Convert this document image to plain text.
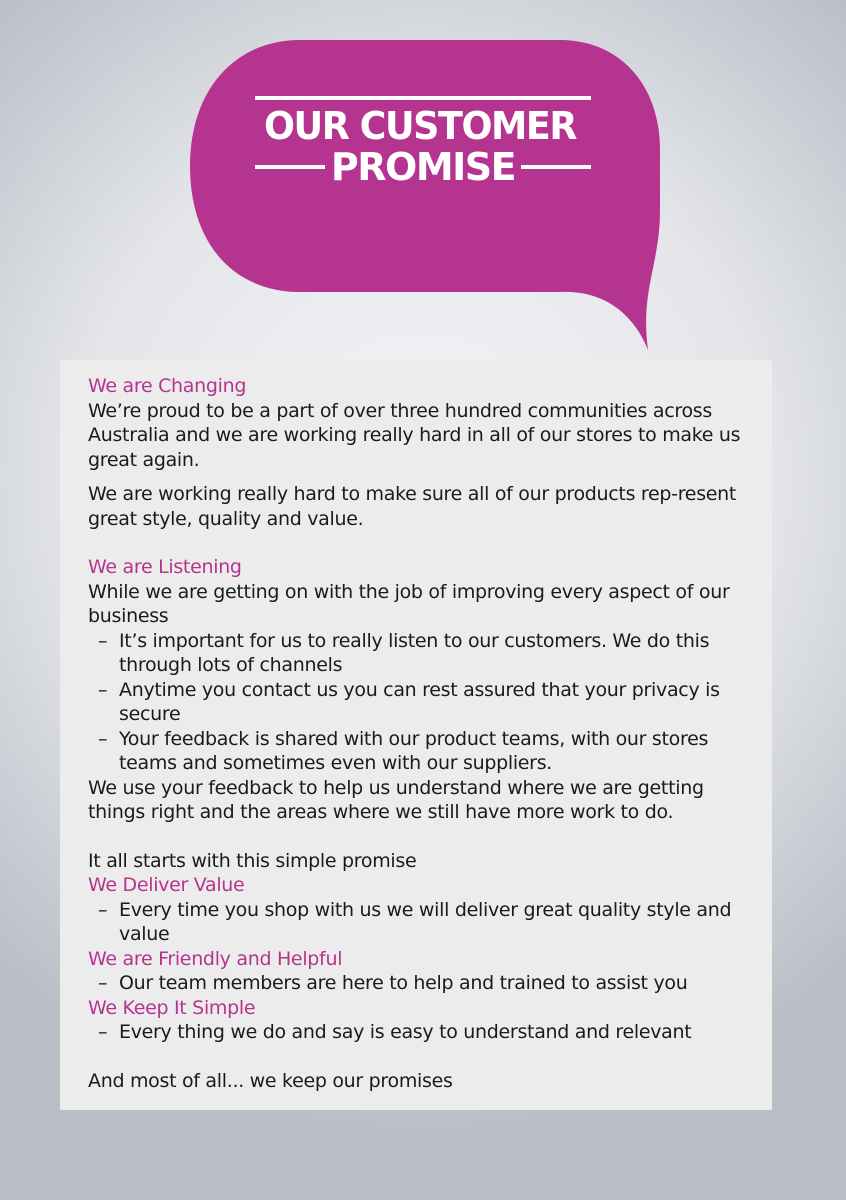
OUR CUSTOMER
PROMISE
We are Changing

We’re proud to be a part of over three hundred communities across Australia and we are working really hard in all of our stores to make us great again.

We are working really hard to make sure all of our products rep-resent great style, quality and value.

We are Listening

While we are getting on with the job of improving every aspect of our business

– It’s important for us to really listen to our customers. We do this through lots of channels
– Anytime you contact us you can rest assured that your privacy is secure
– Your feedback is shared with our product teams, with our stores teams and sometimes even with our suppliers.

We use your feedback to help us understand where we are getting things right and the areas where we still have more work to do.

It all starts with this simple promise

We Deliver Value
– Every time you shop with us we will deliver great quality style and value
We are Friendly and Helpful
– Our team members are here to help and trained to assist you
We Keep It Simple
– Every thing we do and say is easy to understand and relevant

And most of all... we keep our promises
